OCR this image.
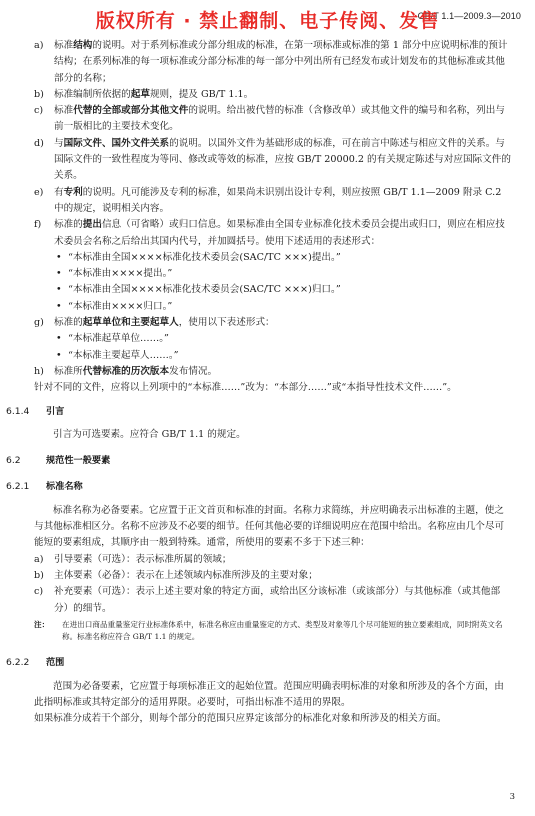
版权所有 · 禁止翻制、电子传阅、发售
GB/T 1.1—2009.3—2010
a)	标准结构的说明。对于系列标准或分部分组成的标准，在第一项标准或标准的第 1 部分中应说明标准的预计结构；在系列标准的每一项标准或分部分标准的每一部分中列出所有已经发布或计划发布的其他标准或其他部分的名称；

b)	标准编制所依据的起草规则，提及 GB/T 1.1。

c)	标准代替的全部或部分其他文件的说明。给出被代替的标准（含修改单）或其他文件的编号和名称，列出与前一版相比的主要技术变化。

d)	与国际文件、国外文件关系的说明。以国外文件为基础形成的标准，可在前言中陈述与相应文件的关系。与国际文件的一致性程度为等同、修改或等效的标准，应按 GB/T 20000.2 的有关规定陈述与对应国际文件的关系。

e)	有专利的说明。凡可能涉及专利的标准，如果尚未识别出设计专利，则应按照 GB/T 1.1—2009 附录 C.2 中的规定，说明相关内容。

f)	标准的提出信息（可省略）或归口信息。如果标准由全国专业标准化技术委员会提出或归口，则应在相应技术委员会名称之后给出其国内代号，并加圆括号。使用下述适用的表述形式：

• “本标准由全国××××标准化技术委员会(SAC/TC ×××)提出。”
• “本标准由××××提出。”
• “本标准由全国××××标准化技术委员会(SAC/TC ×××)归口。”
• “本标准由××××归口。”
g)	标准的起草单位和主要起草人，使用以下表述形式：

• “本标准起草单位……。”
• “本标准主要起草人……。”
h)	标准所代替标准的历次版本发布情况。

针对不同的文件，应将以上列项中的“本标准……”改为：“本部分……”或“本指导性技术文件……”。

6.1.4 引言

引言为可选要素。应符合 GB/T 1.1 的规定。

6.2	规范性一般要素

6.2.1 标准名称

标准名称为必备要素。它应置于正文首页和标准的封面。名称力求简练，并应明确表示出标准的主题，使之与其他标准相区分。名称不应涉及不必要的细节。任何其他必要的详细说明应在范围中给出。名称应由几个尽可能短的要素组成，其顺序由一般到特殊。通常，所使用的要素不多于下述三种：

a)	引导要素（可选）：表示标准所属的领域；

b)	主体要素（必备）：表示在上述领域内标准所涉及的主要对象；

c)	补充要素（可选）：表示上述主要对象的特定方面，或给出区分该标准（或该部分）与其他标准（或其他部分）的细节。

注： 在进出口商品重量鉴定行业标准体系中，标准名称应由重量鉴定的方式、类型及对象等几个尽可能短的独立要素组成，同时附英文名称。标准名称应符合 GB/T 1.1 的规定。

6.2.2 范围

范围为必备要素，它应置于每项标准正文的起始位置。范围应明确表明标准的对象和所涉及的各个方面，由此指明标准或其特定部分的适用界限。必要时，可指出标准不适用的界限。

如果标准分成若干个部分，则每个部分的范围只应界定该部分的标准化对象和所涉及的相关方面。

3
